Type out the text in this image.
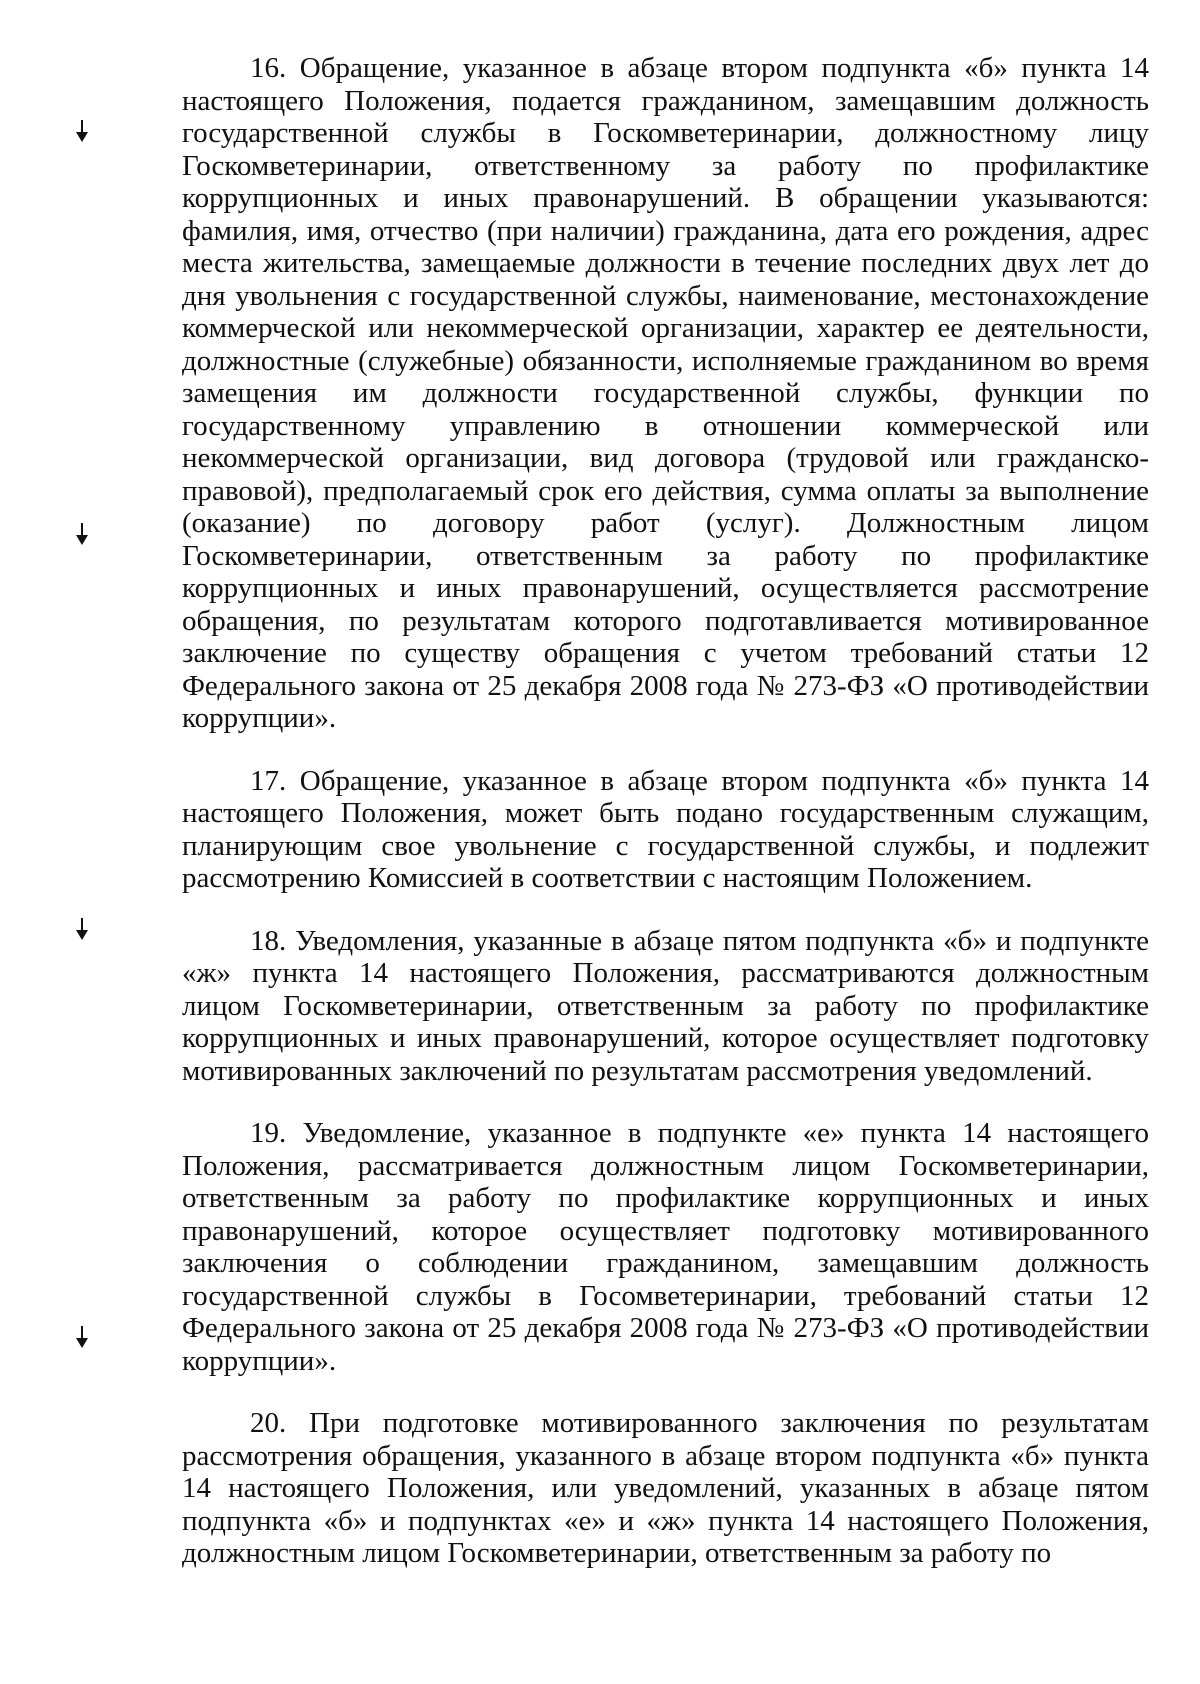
16. Обращение, указанное в абзаце втором подпункта «б» пункта 14 настоящего Положения, подается гражданином, замещавшим должность государственной службы в Госкомветеринарии, должностному лицу Госкомветеринарии, ответственному за работу по профилактике коррупционных и иных правонарушений. В обращении указываются: фамилия, имя, отчество (при наличии) гражданина, дата его рождения, адрес места жительства, замещаемые должности в течение последних двух лет до дня увольнения с государственной службы, наименование, местонахождение коммерческой или некоммерческой организации, характер ее деятельности, должностные (служебные) обязанности, исполняемые гражданином во время замещения им должности государственной службы, функции по государственному управлению в отношении коммерческой или некоммерческой организации, вид договора (трудовой или гражданско-правовой), предполагаемый срок его действия, сумма оплаты за выполнение (оказание) по договору работ (услуг). Должностным лицом Госкомветеринарии, ответственным за работу по профилактике коррупционных и иных правонарушений, осуществляется рассмотрение обращения, по результатам которого подготавливается мотивированное заключение по существу обращения с учетом требований статьи 12 Федерального закона от 25 декабря 2008 года № 273-ФЗ «О противодействии коррупции».

17. Обращение, указанное в абзаце втором подпункта «б» пункта 14 настоящего Положения, может быть подано государственным служащим, планирующим свое увольнение с государственной службы, и подлежит рассмотрению Комиссией в соответствии с настоящим Положением.

18. Уведомления, указанные в абзаце пятом подпункта «б» и подпункте «ж» пункта 14 настоящего Положения, рассматриваются должностным лицом Госкомветеринарии, ответственным за работу по профилактике коррупционных и иных правонарушений, которое осуществляет подготовку мотивированных заключений по результатам рассмотрения уведомлений.

19. Уведомление, указанное в подпункте «е» пункта 14 настоящего Положения, рассматривается должностным лицом Госкомветеринарии, ответственным за работу по профилактике коррупционных и иных правонарушений, которое осуществляет подготовку мотивированного заключения о соблюдении гражданином, замещавшим должность государственной службы в Госомветеринарии, требований статьи 12 Федерального закона от 25 декабря 2008 года № 273-ФЗ «О противодействии коррупции».

20. При подготовке мотивированного заключения по результатам рассмотрения обращения, указанного в абзаце втором подпункта «б» пункта 14 настоящего Положения, или уведомлений, указанных в абзаце пятом подпункта «б» и подпунктах «е» и «ж» пункта 14 настоящего Положения, должностным лицом Госкомветеринарии, ответственным за работу по
